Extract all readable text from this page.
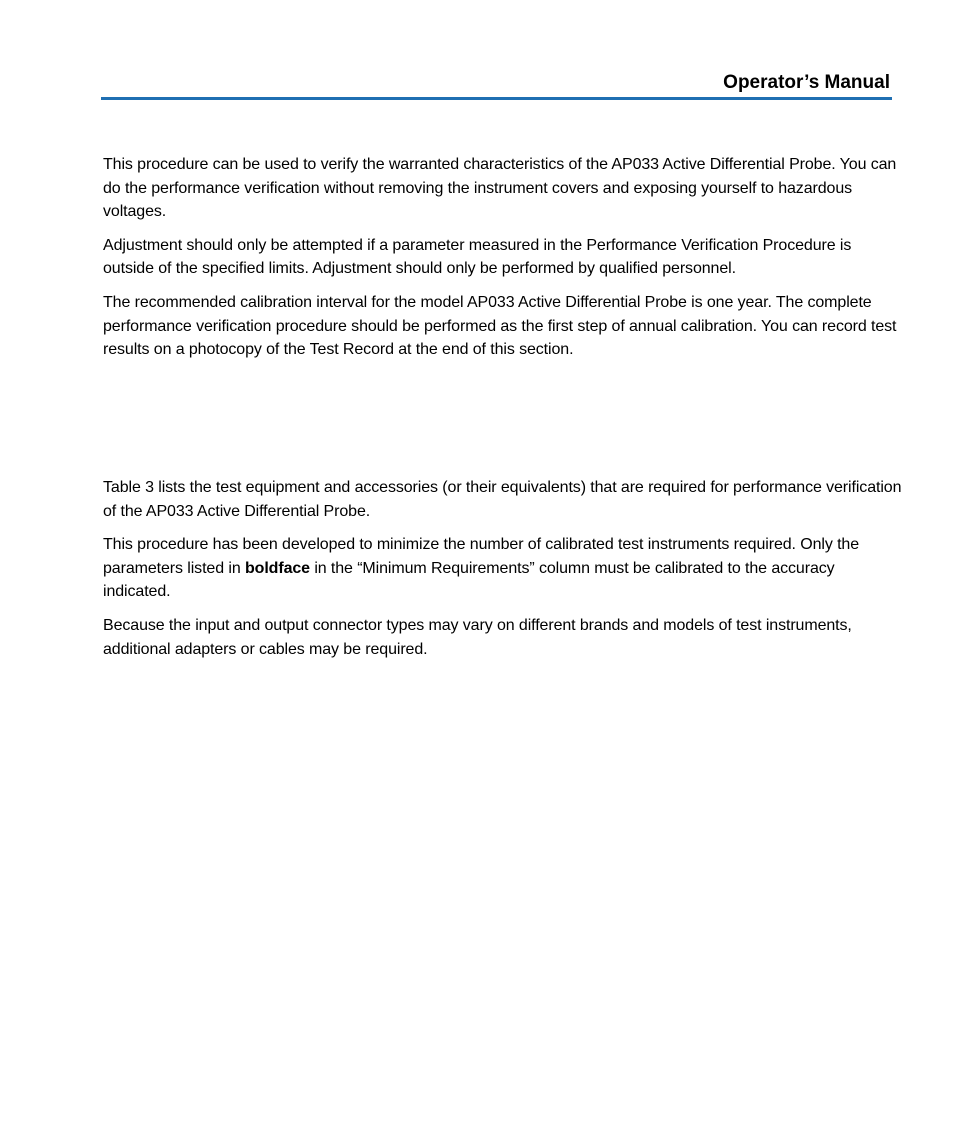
Operator’s Manual

This procedure can be used to verify the warranted characteristics of the AP033 Active Differential Probe. You can do the performance verification without removing the instrument covers and exposing yourself to hazardous voltages.

Adjustment should only be attempted if a parameter measured in the Performance Verification Procedure is outside of the specified limits. Adjustment should only be performed by qualified personnel.

The recommended calibration interval for the model AP033 Active Differential Probe is one year. The complete performance verification procedure should be performed as the first step of annual calibration. You can record test results on a photocopy of the Test Record at the end of this section.

Table 3 lists the test equipment and accessories (or their equivalents) that are required for performance verification of the AP033 Active Differential Probe.

This procedure has been developed to minimize the number of calibrated test instruments required. Only the parameters listed in boldface in the “Minimum Requirements” column must be calibrated to the accuracy indicated.

Because the input and output connector types may vary on different brands and models of test instruments, additional adapters or cables may be required.
